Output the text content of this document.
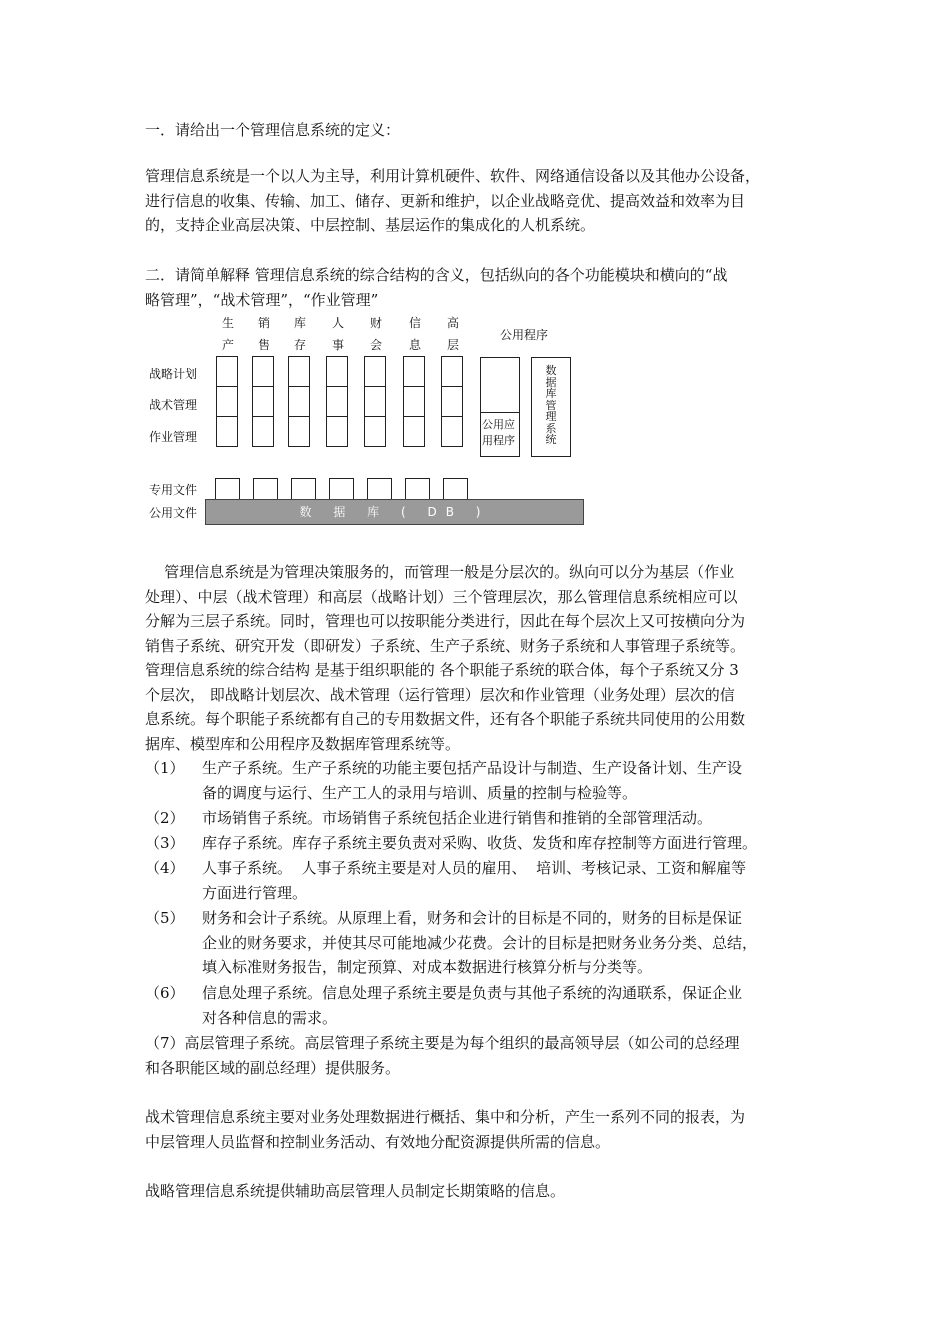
一．请给出一个管理信息系统的定义：
管理信息系统是一个以人为主导，利用计算机硬件、软件、网络通信设备以及其他办公设备，
进行信息的收集、传输、加工、储存、更新和维护，以企业战略竞优、提高效益和效率为目
的，支持企业高层决策、中层控制、基层运作的集成化的人机系统。
二．请简单解释 管理信息系统的综合结构的含义，包括纵向的各个功能模块和横向的“战
略管理”，“战术管理”，“作业管理”
生
产
销
售
库
存
人
事
财
会
信
息
高
层
公用程序
战略计划
战术管理
作业管理
公用应
用程序
数据库管理系统
专用文件
公用文件	数 据 库 ( DB )
管理信息系统是为管理决策服务的，而管理一般是分层次的。纵向可以分为基层（作业
处理）、中层（战术管理）和高层（战略计划）三个管理层次，那么管理信息系统相应可以
分解为三层子系统。同时，管理也可以按职能分类进行，因此在每个层次上又可按横向分为
销售子系统、研究开发（即研发）子系统、生产子系统、财务子系统和人事管理子系统等。
管理信息系统的综合结构 是基于组织职能的 各个职能子系统的联合体，每个子系统又分 3
个层次， 即战略计划层次、战术管理（运行管理）层次和作业管理（业务处理）层次的信
息系统。每个职能子系统都有自己的专用数据文件，还有各个职能子系统共同使用的公用数
据库、模型库和公用程序及数据库管理系统等。
（1） 生产子系统。生产子系统的功能主要包括产品设计与制造、生产设备计划、生产设
备的调度与运行、生产工人的录用与培训、质量的控制与检验等。
（2） 市场销售子系统。市场销售子系统包括企业进行销售和推销的全部管理活动。
（3） 库存子系统。库存子系统主要负责对采购、收货、发货和库存控制等方面进行管理。
（4） 人事子系统。  人事子系统主要是对人员的雇用、  培训、考核记录、工资和解雇等
方面进行管理。
（5） 财务和会计子系统。从原理上看，财务和会计的目标是不同的，财务的目标是保证
企业的财务要求，并使其尽可能地减少花费。会计的目标是把财务业务分类、总结，
填入标准财务报告，制定预算、对成本数据进行核算分析与分类等。
（6） 信息处理子系统。信息处理子系统主要是负责与其他子系统的沟通联系，保证企业
对各种信息的需求。
（7）高层管理子系统。高层管理子系统主要是为每个组织的最高领导层（如公司的总经理
和各职能区域的副总经理）提供服务。
战术管理信息系统主要对业务处理数据进行概括、集中和分析，产生一系列不同的报表，为
中层管理人员监督和控制业务活动、有效地分配资源提供所需的信息。
战略管理信息系统提供辅助高层管理人员制定长期策略的信息。
